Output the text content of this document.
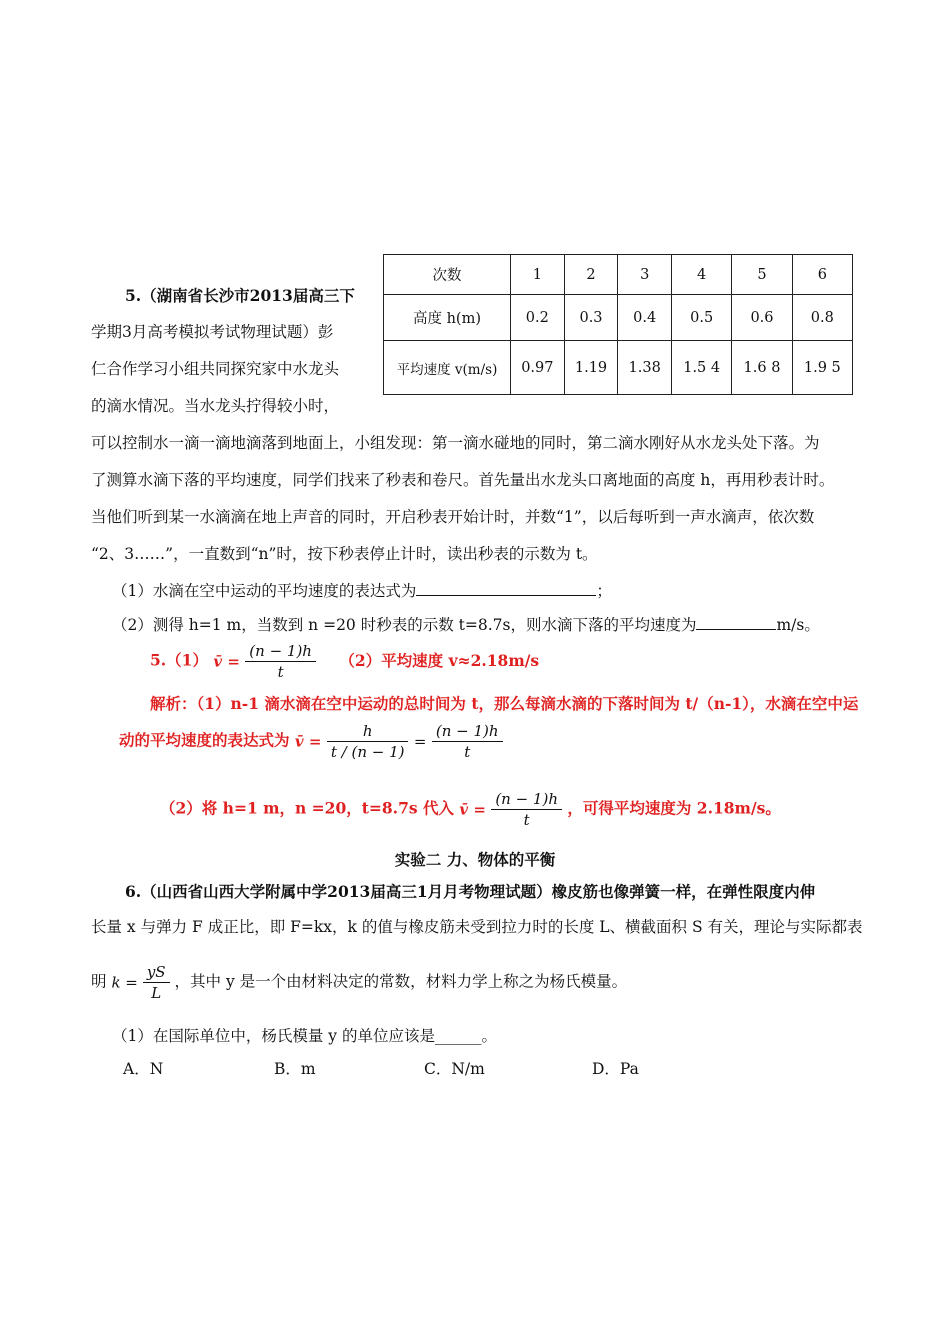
5.（湖南省长沙市2013届高三下
学期3月高考模拟考试物理试题）彭
仁合作学习小组共同探究家中水龙头
的滴水情况。当水龙头拧得较小时，
次数	1	2	3	4	5	6
高度 h(m)	0.2	0.3	0.4	0.5	0.6	0.8
平均速度 v(m/s)	0.97	1.19	1.38	1.5 4	1.6 8	1.9 5
可以控制水一滴一滴地滴落到地面上，小组发现：第一滴水碰地的同时，第二滴水刚好从水龙头处下落。为
了测算水滴下落的平均速度，同学们找来了秒表和卷尺。首先量出水龙头口离地面的高度 h，再用秒表计时。
当他们听到某一水滴滴在地上声音的同时，开启秒表开始计时，并数“1”，以后每听到一声水滴声，依次数
“2、3……”，一直数到“n”时，按下秒表停止计时，读出秒表的示数为 t。
（1）水滴在空中运动的平均速度的表达式为	；
（2）测得 h=1 m，当数到 n =20 时秒表的示数 t=8.7s，则水滴下落的平均速度为	m/s。
5.（1） v̄ = $\frac{(n - 1)h}{t} (2)$平均速度 v≈2.18m/s
解析：（1）n-1 滴水滴在空中运动的总时间为 t，那么每滴水滴的下落时间为 t/（n-1），水滴在空中运
动的平均速度的表达式为 v̄ = $\frac{h}{t / (n - 1)} = \frac{(n - 1)h}{t}$
（2）将 h=1 m，n =20，t=8.7s 代入 v̄ = $\frac{(n - 1)h}{t}$ ，可得平均速度为 2.18m/s。
实验二 力、物体的平衡
6.（山西省山西大学附属中学2013届高三1月月考物理试题）橡皮筋也像弹簧一样，在弹性限度内伸
长量 x 与弹力 F 成正比，即 F=kx，k 的值与橡皮筋未受到拉力时的长度 L、横截面积 S 有关，理论与实际都表
明 $k = \frac{yS}{L}$ ，其中 y 是一个由材料决定的常数，材料力学上称之为杨氏模量。
（1）在国际单位中，杨氏模量 y 的单位应该是______。
A．N	B．m	C．N/m	D．Pa
